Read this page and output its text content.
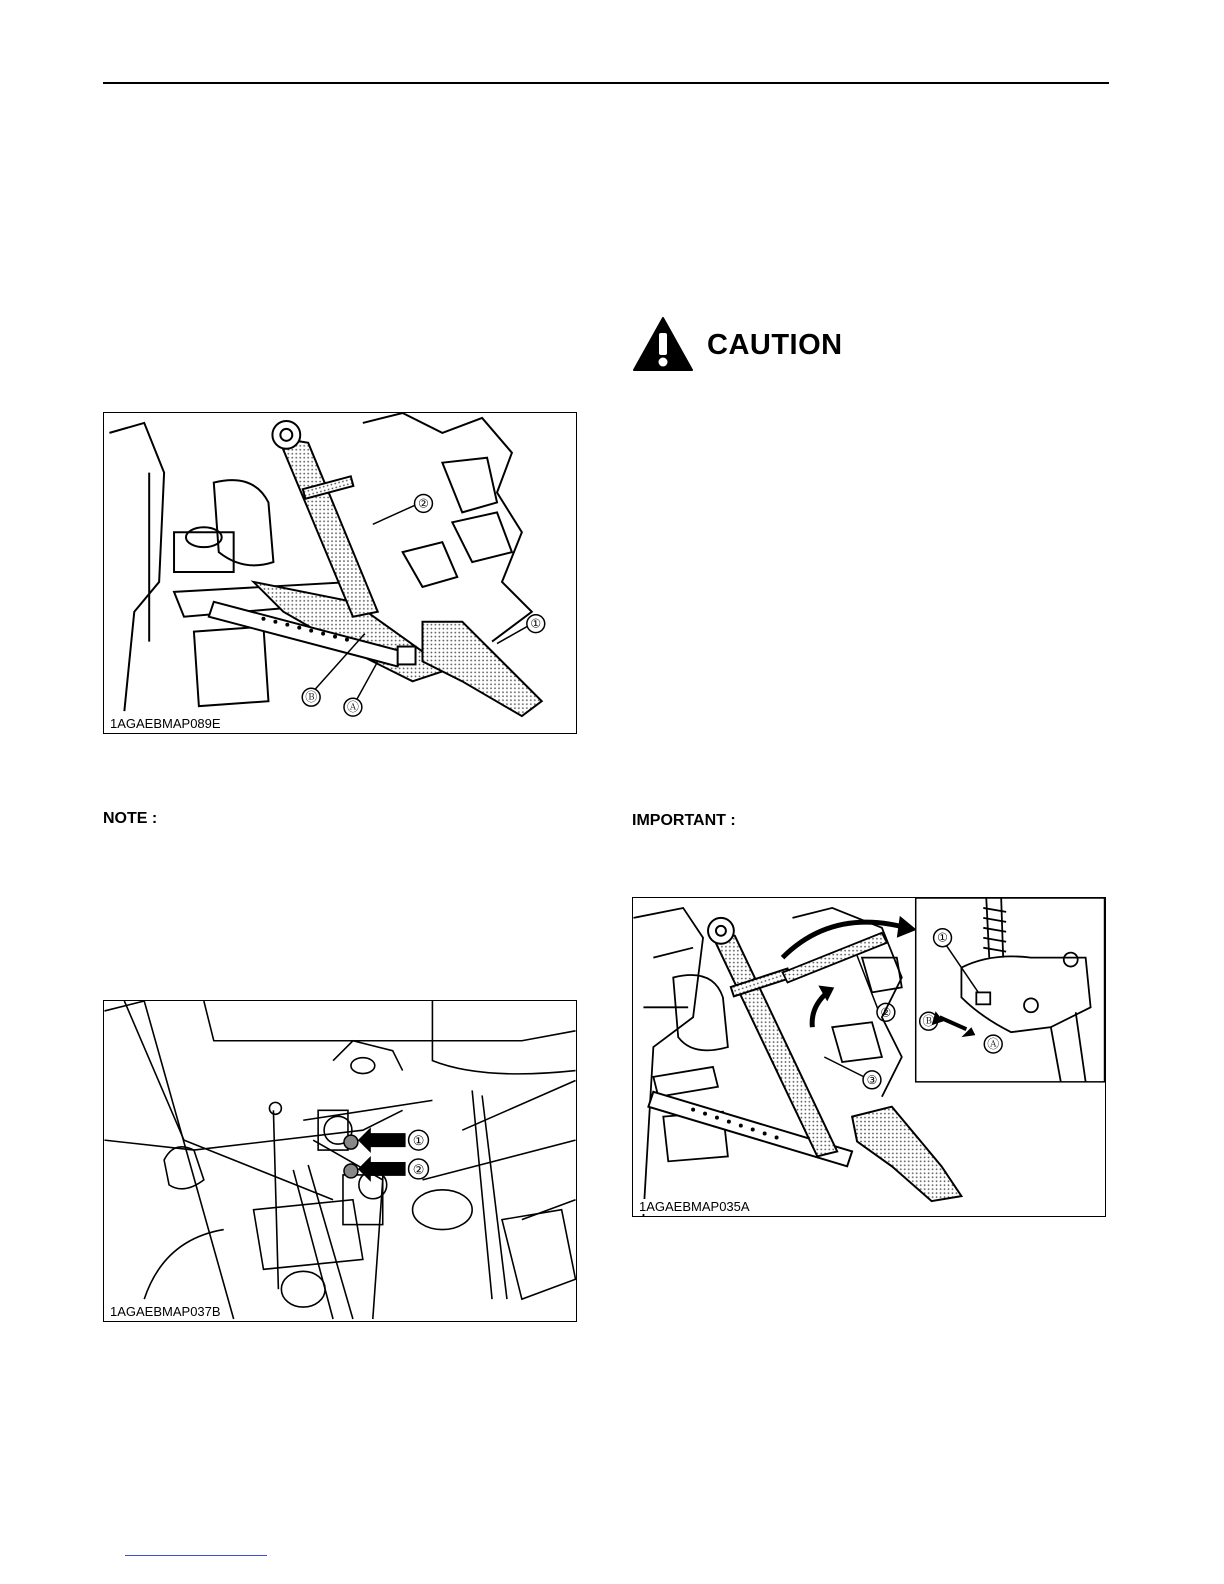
②
①
Ⓑ
Ⓐ
1AGAEBMAP089E
CAUTION
NOTE :	IMPORTANT :
①
②
1AGAEBMAP037B
①
②
③
Ⓐ
Ⓑ
1AGAEBMAP035A
